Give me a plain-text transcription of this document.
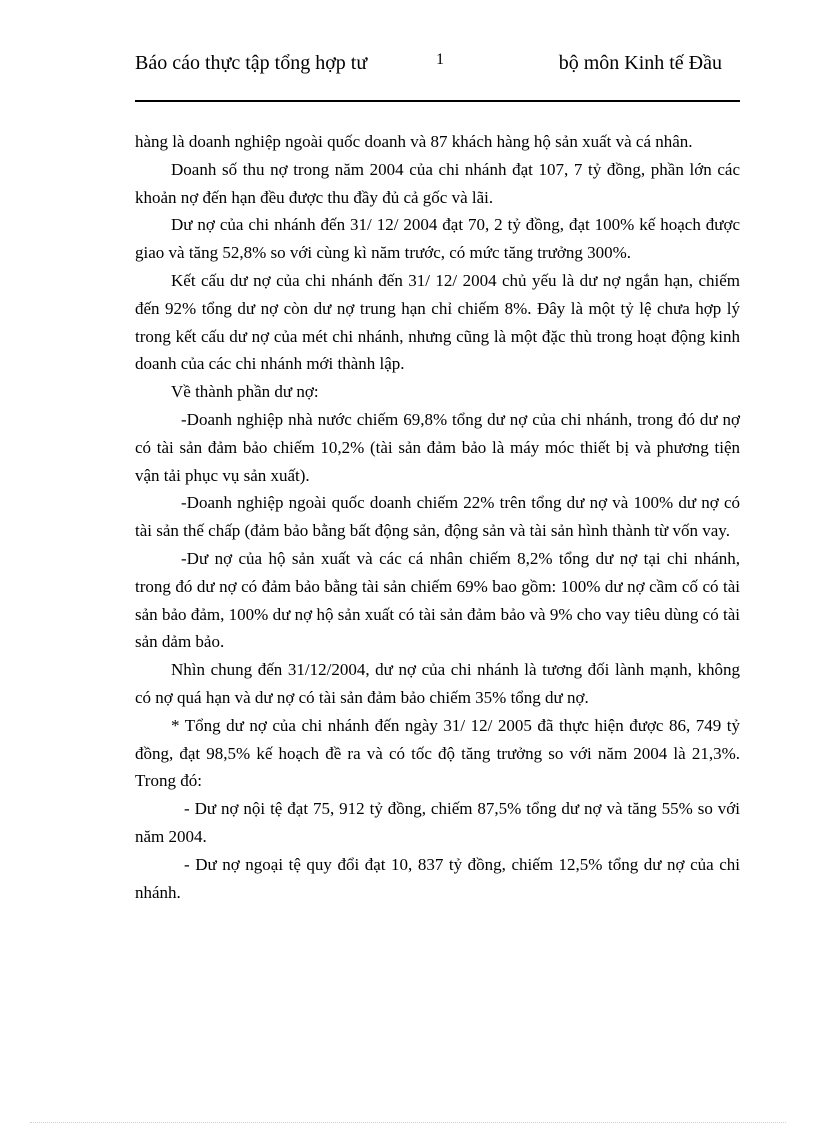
Báo cáo thực tập tổng hợp tư	1	bộ môn Kinh tế Đầu

hàng là doanh nghiệp ngoài quốc doanh và 87 khách hàng hộ sản xuất và cá nhân.

Doanh số thu nợ trong năm 2004 của chi nhánh đạt 107, 7 tỷ đồng, phần lớn các khoản nợ đến hạn đều được thu đầy đủ cả gốc và lãi.

Dư nợ của chi nhánh đến 31/ 12/ 2004 đạt 70, 2 tỷ đồng, đạt 100% kế hoạch được giao và tăng 52,8% so với cùng kì năm trước, có mức tăng trưởng 300%.

Kết cấu dư nợ của chi nhánh đến 31/ 12/ 2004 chủ yếu là dư nợ ngắn hạn, chiếm đến 92% tổng dư nợ còn dư nợ trung hạn chỉ chiếm 8%. Đây là một tỷ lệ chưa hợp lý trong kết cấu dư nợ của mét chi nhánh, nhưng cũng là một đặc thù trong hoạt động kinh doanh của các chi nhánh mới thành lập.

Về thành phần dư nợ:

-Doanh nghiệp nhà nước chiếm 69,8% tổng dư nợ của chi nhánh, trong đó dư nợ có tài sản đảm bảo chiếm 10,2% (tài sản đảm bảo là máy móc thiết bị và phương tiện vận tải phục vụ sản xuất).

-Doanh nghiệp ngoài quốc doanh chiếm 22% trên tổng dư nợ và 100% dư nợ có tài sản thế chấp (đảm bảo bằng bất động sản, động sản và tài sản hình thành từ vốn vay.

-Dư nợ của hộ sản xuất và các cá nhân chiếm 8,2% tổng dư nợ tại chi nhánh, trong đó dư nợ có đảm bảo bằng tài sản chiếm 69% bao gồm: 100% dư nợ cầm cố có tài sản bảo đảm, 100% dư nợ hộ sản xuất có tài sản đảm bảo và 9% cho vay tiêu dùng có tài sản dảm bảo.

Nhìn chung đến 31/12/2004, dư nợ của chi nhánh là tương đối lành mạnh, không có nợ quá hạn và dư nợ có tài sản đảm bảo chiếm 35% tổng dư nợ.

* Tổng dư nợ của chi nhánh đến ngày 31/ 12/ 2005 đã thực hiện được 86, 749 tỷ đồng, đạt 98,5% kế hoạch đề ra và có tốc độ tăng trưởng so với năm 2004 là 21,3%. Trong đó:

- Dư nợ nội tệ đạt 75, 912 tỷ đồng, chiếm 87,5% tổng dư nợ và tăng 55% so với năm 2004.

- Dư nợ ngoại tệ quy đổi đạt 10, 837 tỷ đồng, chiếm 12,5% tổng dư nợ của chi nhánh.
